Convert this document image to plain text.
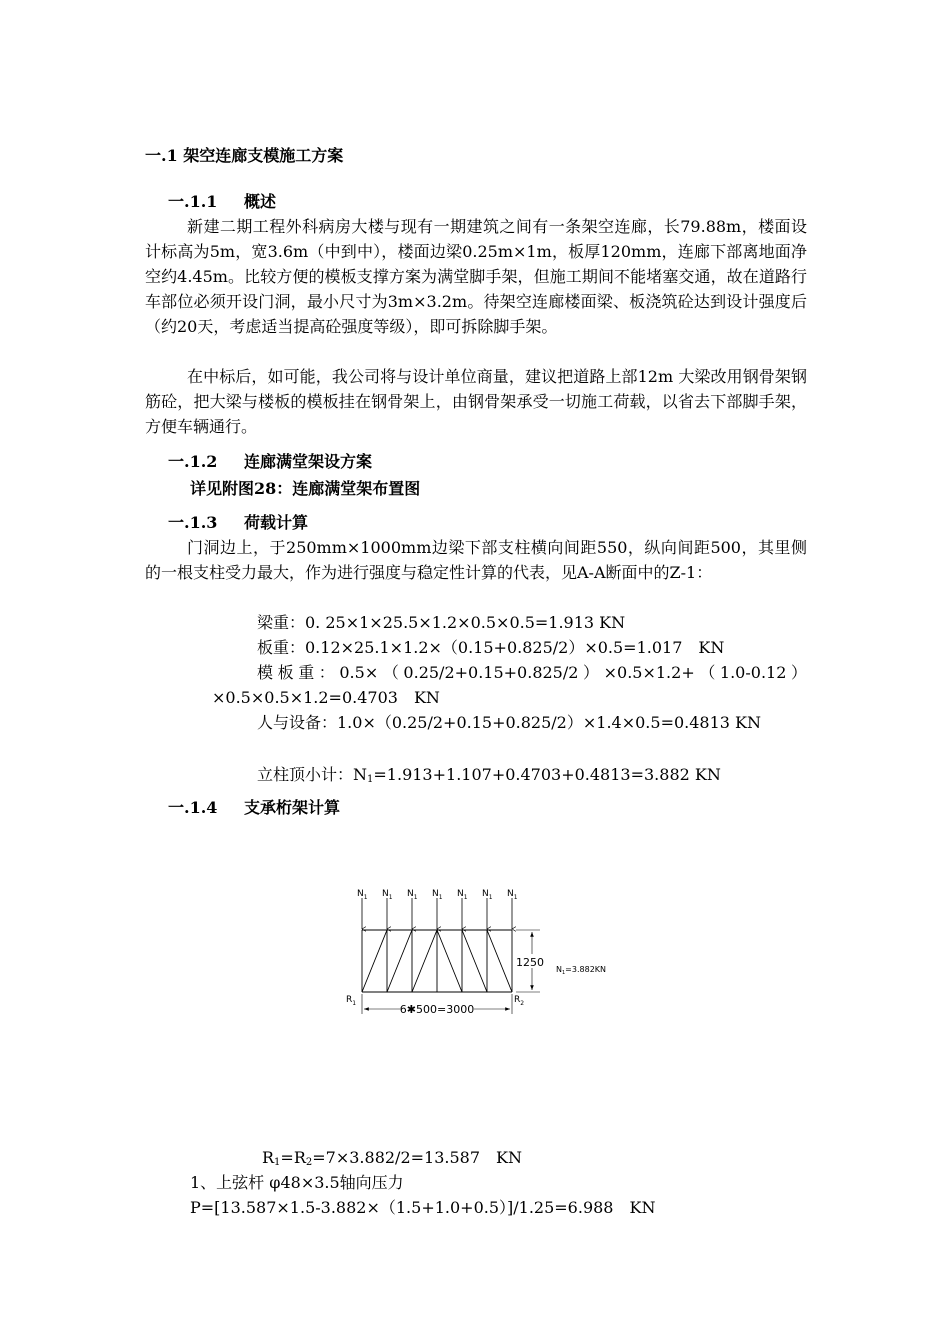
一.1 架空连廊支模施工方案
一.1.1 概述

新建二期工程外科病房大楼与现有一期建筑之间有一条架空连廊，长79.88m，楼面设计标高为5m，宽3.6m（中到中），楼面边梁0.25m×1m，板厚120mm，连廊下部离地面净空约4.45m。比较方便的模板支撑方案为满堂脚手架，但施工期间不能堵塞交通，故在道路行车部位必须开设门洞，最小尺寸为3m×3.2m。待架空连廊楼面梁、板浇筑砼达到设计强度后（约20天，考虑适当提高砼强度等级），即可拆除脚手架。

在中标后，如可能，我公司将与设计单位商量，建议把道路上部12m 大梁改用钢骨架钢筋砼，把大梁与楼板的模板挂在钢骨架上，由钢骨架承受一切施工荷载，以省去下部脚手架，方便车辆通行。

一.1.2 连廊满堂架设方案
详见附图28：连廊满堂架布置图
一.1.3 荷载计算

门洞边上，于250mm×1000mm边梁下部支柱横向间距550，纵向间距500，其里侧的一根支柱受力最大，作为进行强度与稳定性计算的代表，见A-A断面中的Z-1：

梁重：0. 25×1×25.5×1.2×0.5×0.5=1.913 KN

板重：0.12×25.1×1.2×（0.15+0.825/2）×0.5=1.017　KN

模板重：0.5×（0.25/2+0.15+0.825/2）×0.5×1.2+（1.0-0.12）×0.5×0.5×1.2=0.4703　KN

人与设备：1.0×（0.25/2+0.15+0.825/2）×1.4×0.5=0.4813 KN

立柱顶小计：$N_1=1.913+1.107+0.4703+0.4813=3.882$ KN
一.1.4 支承桁架计算
$N_1$ $N_1$ $N_1$ $N_1$ $N_1$ $N_1$ $N_1$
1250
$N_1=3.882KN$
$R_1$	$R_2$
6✱500=3000
$R_1=R_2=7\times 3.882/2=13.587$　KN
1、上弦杆 φ48×3.5轴向压力
P=[13.587×1.5-3.882×（1.5+1.0+0.5）]/1.25=6.988　KN
